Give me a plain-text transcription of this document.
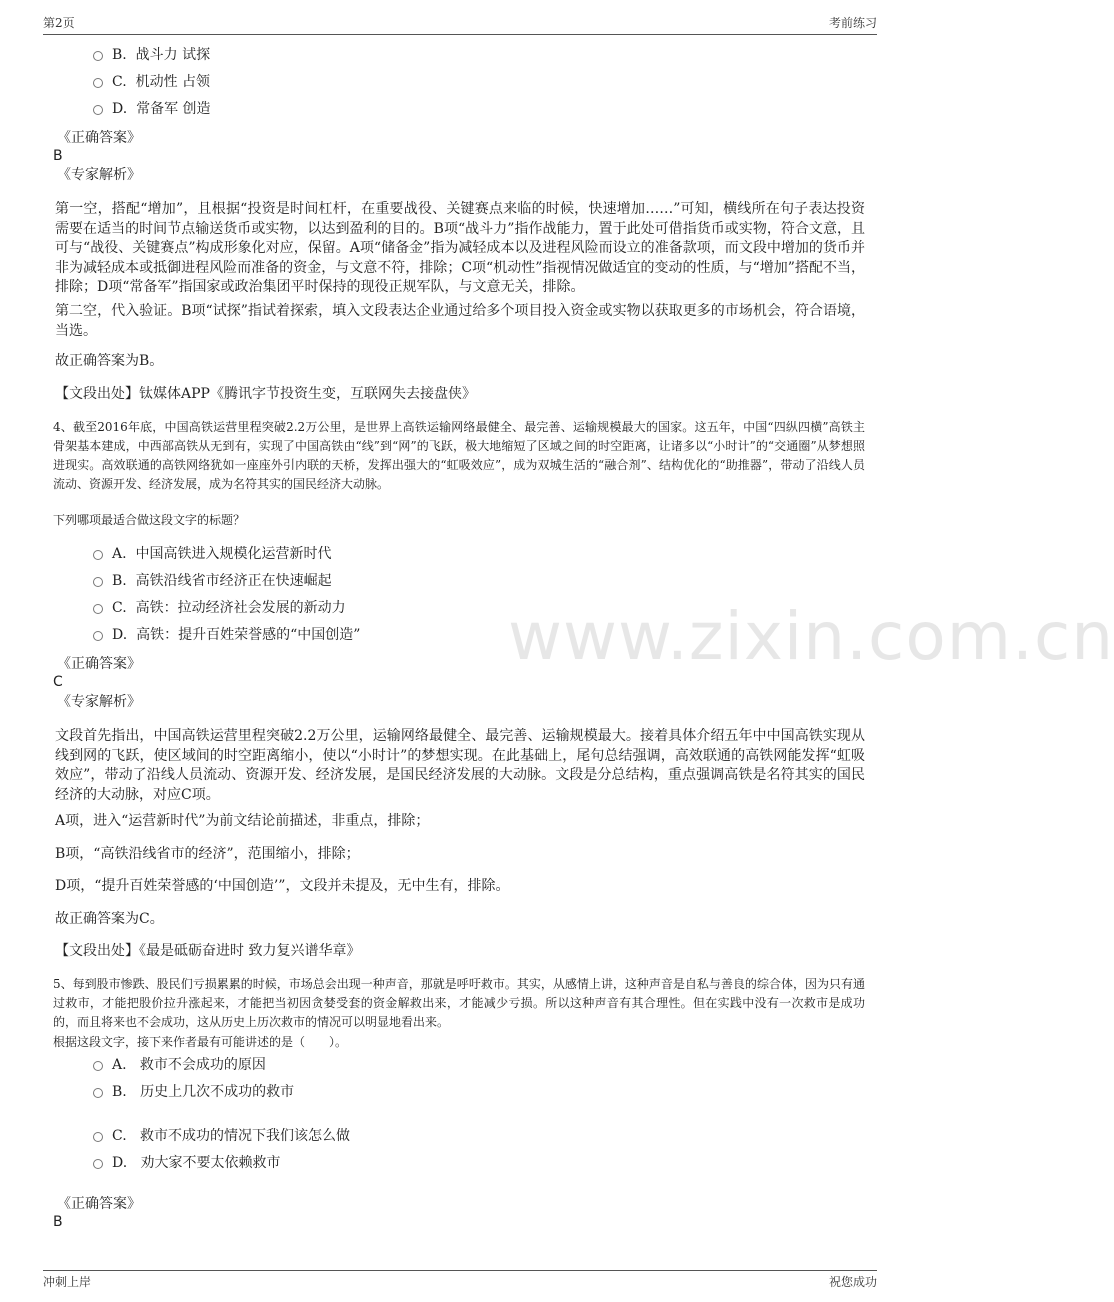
第2页	考前练习
www.zixin.com.cn
B. 战斗力 试探
C. 机动性 占领
D. 常备军 创造
《正确答案》
B
《专家解析》
第一空，搭配“增加”，且根据“投资是时间杠杆，在重要战役、关键赛点来临的时候，快速增加……”可知，横线所在句子表达投资需要在适当的时间节点输送货币或实物，以达到盈利的目的。B项“战斗力”指作战能力，置于此处可借指货币或实物，符合文意，且可与“战役、关键赛点”构成形象化对应，保留。A项“储备金”指为减轻成本以及进程风险而设立的准备款项，而文段中增加的货币并非为减轻成本或抵御进程风险而准备的资金，与文意不符，排除；C项“机动性”指视情况做适宜的变动的性质，与“增加”搭配不当，排除；D项“常备军”指国家或政治集团平时保持的现役正规军队，与文意无关，排除。
第二空，代入验证。B项“试探”指试着探索，填入文段表达企业通过给多个项目投入资金或实物以获取更多的市场机会，符合语境，当选。
故正确答案为B。
【文段出处】钛媒体APP《腾讯字节投资生变，互联网失去接盘侠》
4、截至2016年底，中国高铁运营里程突破2.2万公里，是世界上高铁运输网络最健全、最完善、运输规模最大的国家。这五年，中国“四纵四横”高铁主骨架基本建成，中西部高铁从无到有，实现了中国高铁由“线”到“网”的飞跃，极大地缩短了区域之间的时空距离，让诸多以“小时计”的“交通圈”从梦想照进现实。高效联通的高铁网络犹如一座座外引内联的天桥，发挥出强大的“虹吸效应”，成为双城生活的“融合剂”、结构优化的“助推器”，带动了沿线人员流动、资源开发、经济发展，成为名符其实的国民经济大动脉。
下列哪项最适合做这段文字的标题？
A. 中国高铁进入规模化运营新时代
B. 高铁沿线省市经济正在快速崛起
C. 高铁：拉动经济社会发展的新动力
D. 高铁：提升百姓荣誉感的“中国创造”
《正确答案》
C
《专家解析》
文段首先指出，中国高铁运营里程突破2.2万公里，运输网络最健全、最完善、运输规模最大。接着具体介绍五年中中国高铁实现从线到网的飞跃，使区域间的时空距离缩小，使以“小时计”的梦想实现。在此基础上，尾句总结强调，高效联通的高铁网能发挥“虹吸效应”，带动了沿线人员流动、资源开发、经济发展，是国民经济发展的大动脉。文段是分总结构，重点强调高铁是名符其实的国民经济的大动脉，对应C项。
A项，进入“运营新时代”为前文结论前描述，非重点，排除；
B项，“高铁沿线省市的经济”，范围缩小，排除；
D项，“提升百姓荣誉感的‘中国创造’”，文段并未提及，无中生有，排除。
故正确答案为C。
【文段出处】《最是砥砺奋进时 致力复兴谱华章》
5、每到股市惨跌、股民们亏损累累的时候，市场总会出现一种声音，那就是呼吁救市。其实，从感情上讲，这种声音是自私与善良的综合体，因为只有通过救市，才能把股价拉升涨起来，才能把当初因贪婪受套的资金解救出来，才能减少亏损。所以这种声音有其合理性。但在实践中没有一次救市是成功的，而且将来也不会成功，这从历史上历次救市的情况可以明显地看出来。
根据这段文字，接下来作者最有可能讲述的是（　　）。
A. 救市不会成功的原因
B. 历史上几次不成功的救市
C. 救市不成功的情况下我们该怎么做
D. 劝大家不要太依赖救市
《正确答案》
B
冲刺上岸	祝您成功
